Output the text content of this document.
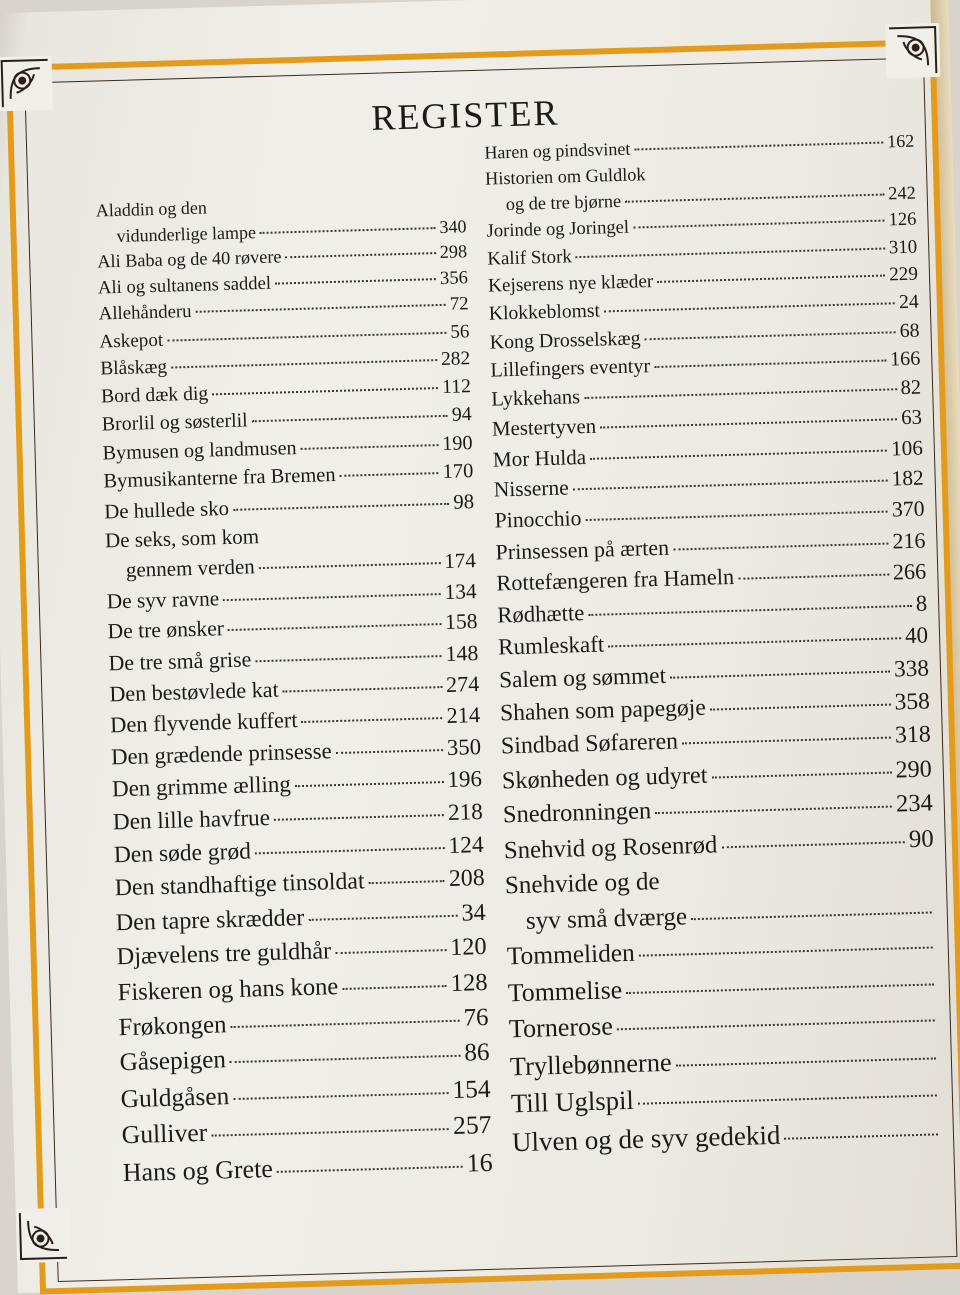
REGISTER
Aladdin og den
vidunderlige lampe	340
Ali Baba og de 40 røvere	298
Ali og sultanens saddel	356
Allehånderu	72
Askepot	56
Blåskæg	282
Bord dæk dig	112
Brorlil og søsterlil	94
Bymusen og landmusen	190
Bymusikanterne fra Bremen	170
De hullede sko	98
De seks, som kom
gennem verden	174
De syv ravne	134
De tre ønsker	158
De tre små grise	148
Den bestøvlede kat	274
Den flyvende kuffert	214
Den grædende prinsesse	350
Den grimme ælling	196
Den lille havfrue	218
Den søde grød	124
Den standhaftige tinsoldat	208
Den tapre skrædder	34
Djævelens tre guldhår	120
Fiskeren og hans kone	128
Frøkongen	76
Gåsepigen	86
Guldgåsen	154
Gulliver	257
Hans og Grete	16
Haren og pindsvinet	162
Historien om Guldlok
og de tre bjørne	242
Jorinde og Joringel	126
Kalif Stork	310
Kejserens nye klæder	229
Klokkeblomst	24
Kong Drosselskæg	68
Lillefingers eventyr	166
Lykkehans	82
Mestertyven	63
Mor Hulda	106
Nisserne	182
Pinocchio	370
Prinsessen på ærten	216
Rottefængeren fra Hameln	266
Rødhætte	8
Rumleskaft	40
Salem og sømmet	338
Shahen som papegøje	358
Sindbad Søfareren	318
Skønheden og udyret	290
Snedronningen	234
Snehvid og Rosenrød	90
Snehvide og de
syv små dværge
Tommeliden
Tommelise
Tornerose
Tryllebønnerne
Till Uglspil
Ulven og de syv gedekid
